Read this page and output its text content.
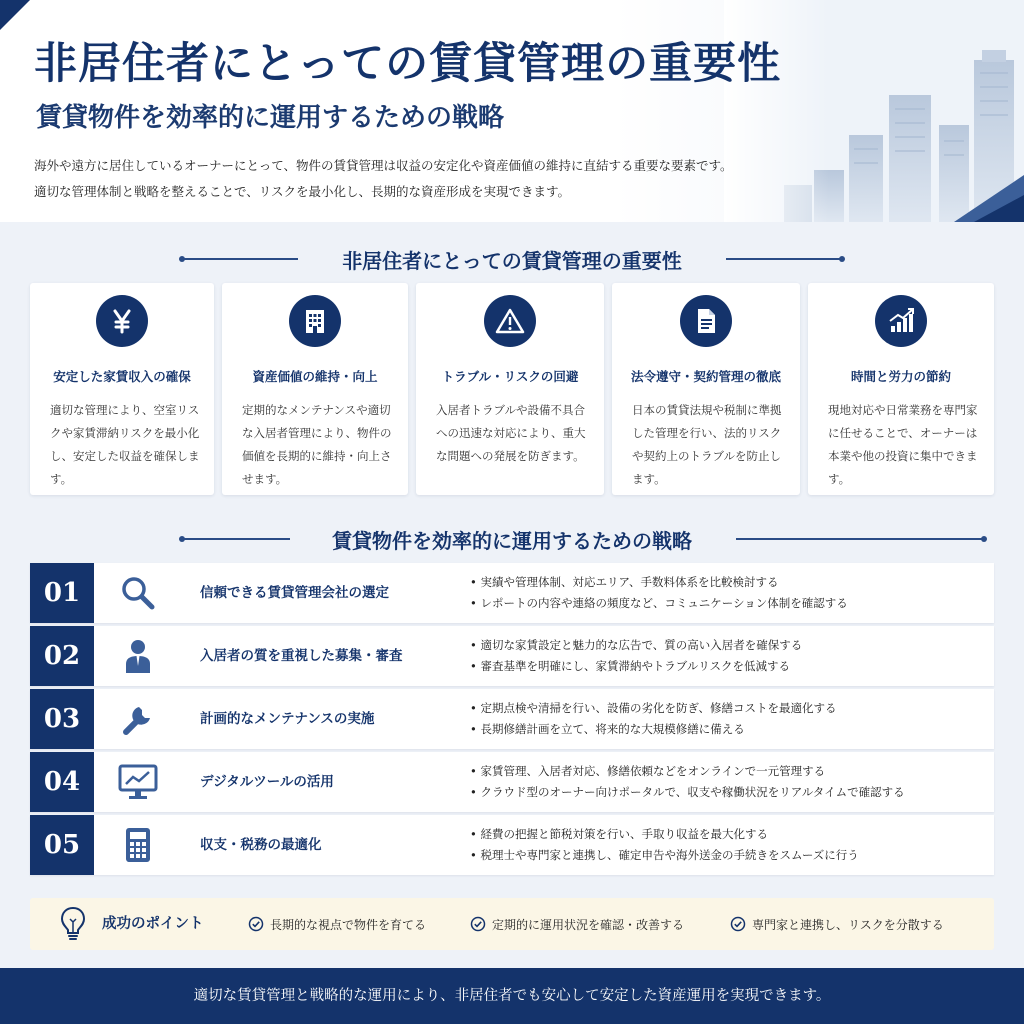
非居住者にとっての賃貸管理の重要性
賃貸物件を効率的に運用するための戦略
海外や遠方に居住しているオーナーにとって、物件の賃貸管理は収益の安定化や資産価値の維持に直結する重要な要素です。
適切な管理体制と戦略を整えることで、リスクを最小化し、長期的な資産形成を実現できます。
非居住者にとっての賃貸管理の重要性
安定した家賃収入の確保
適切な管理により、空室リスクや家賃滞納リスクを最小化し、安定した収益を確保します。
資産価値の維持・向上
定期的なメンテナンスや適切な入居者管理により、物件の価値を長期的に維持・向上させます。
トラブル・リスクの回避
入居者トラブルや設備不具合への迅速な対応により、重大な問題への発展を防ぎます。
法令遵守・契約管理の徹底
日本の賃貸法規や税制に準拠した管理を行い、法的リスクや契約上のトラブルを防止します。
時間と労力の節約
現地対応や日常業務を専門家に任せることで、オーナーは本業や他の投資に集中できます。
賃貸物件を効率的に運用するための戦略
01	信頼できる賃貸管理会社の選定
• 実績や管理体制、対応エリア、手数料体系を比較検討する
• レポートの内容や連絡の頻度など、コミュニケーション体制を確認する
02	入居者の質を重視した募集・審査
• 適切な家賃設定と魅力的な広告で、質の高い入居者を確保する
• 審査基準を明確にし、家賃滞納やトラブルリスクを低減する
03	計画的なメンテナンスの実施
• 定期点検や清掃を行い、設備の劣化を防ぎ、修繕コストを最適化する
• 長期修繕計画を立て、将来的な大規模修繕に備える
04	デジタルツールの活用
• 家賃管理、入居者対応、修繕依頼などをオンラインで一元管理する
• クラウド型のオーナー向けポータルで、収支や稼働状況をリアルタイムで確認する
05	収支・税務の最適化
• 経費の把握と節税対策を行い、手取り収益を最大化する
• 税理士や専門家と連携し、確定申告や海外送金の手続きをスムーズに行う
成功のポイント	長期的な視点で物件を育てる	定期的に運用状況を確認・改善する	専門家と連携し、リスクを分散する
適切な賃貸管理と戦略的な運用により、非居住者でも安心して安定した資産運用を実現できます。
